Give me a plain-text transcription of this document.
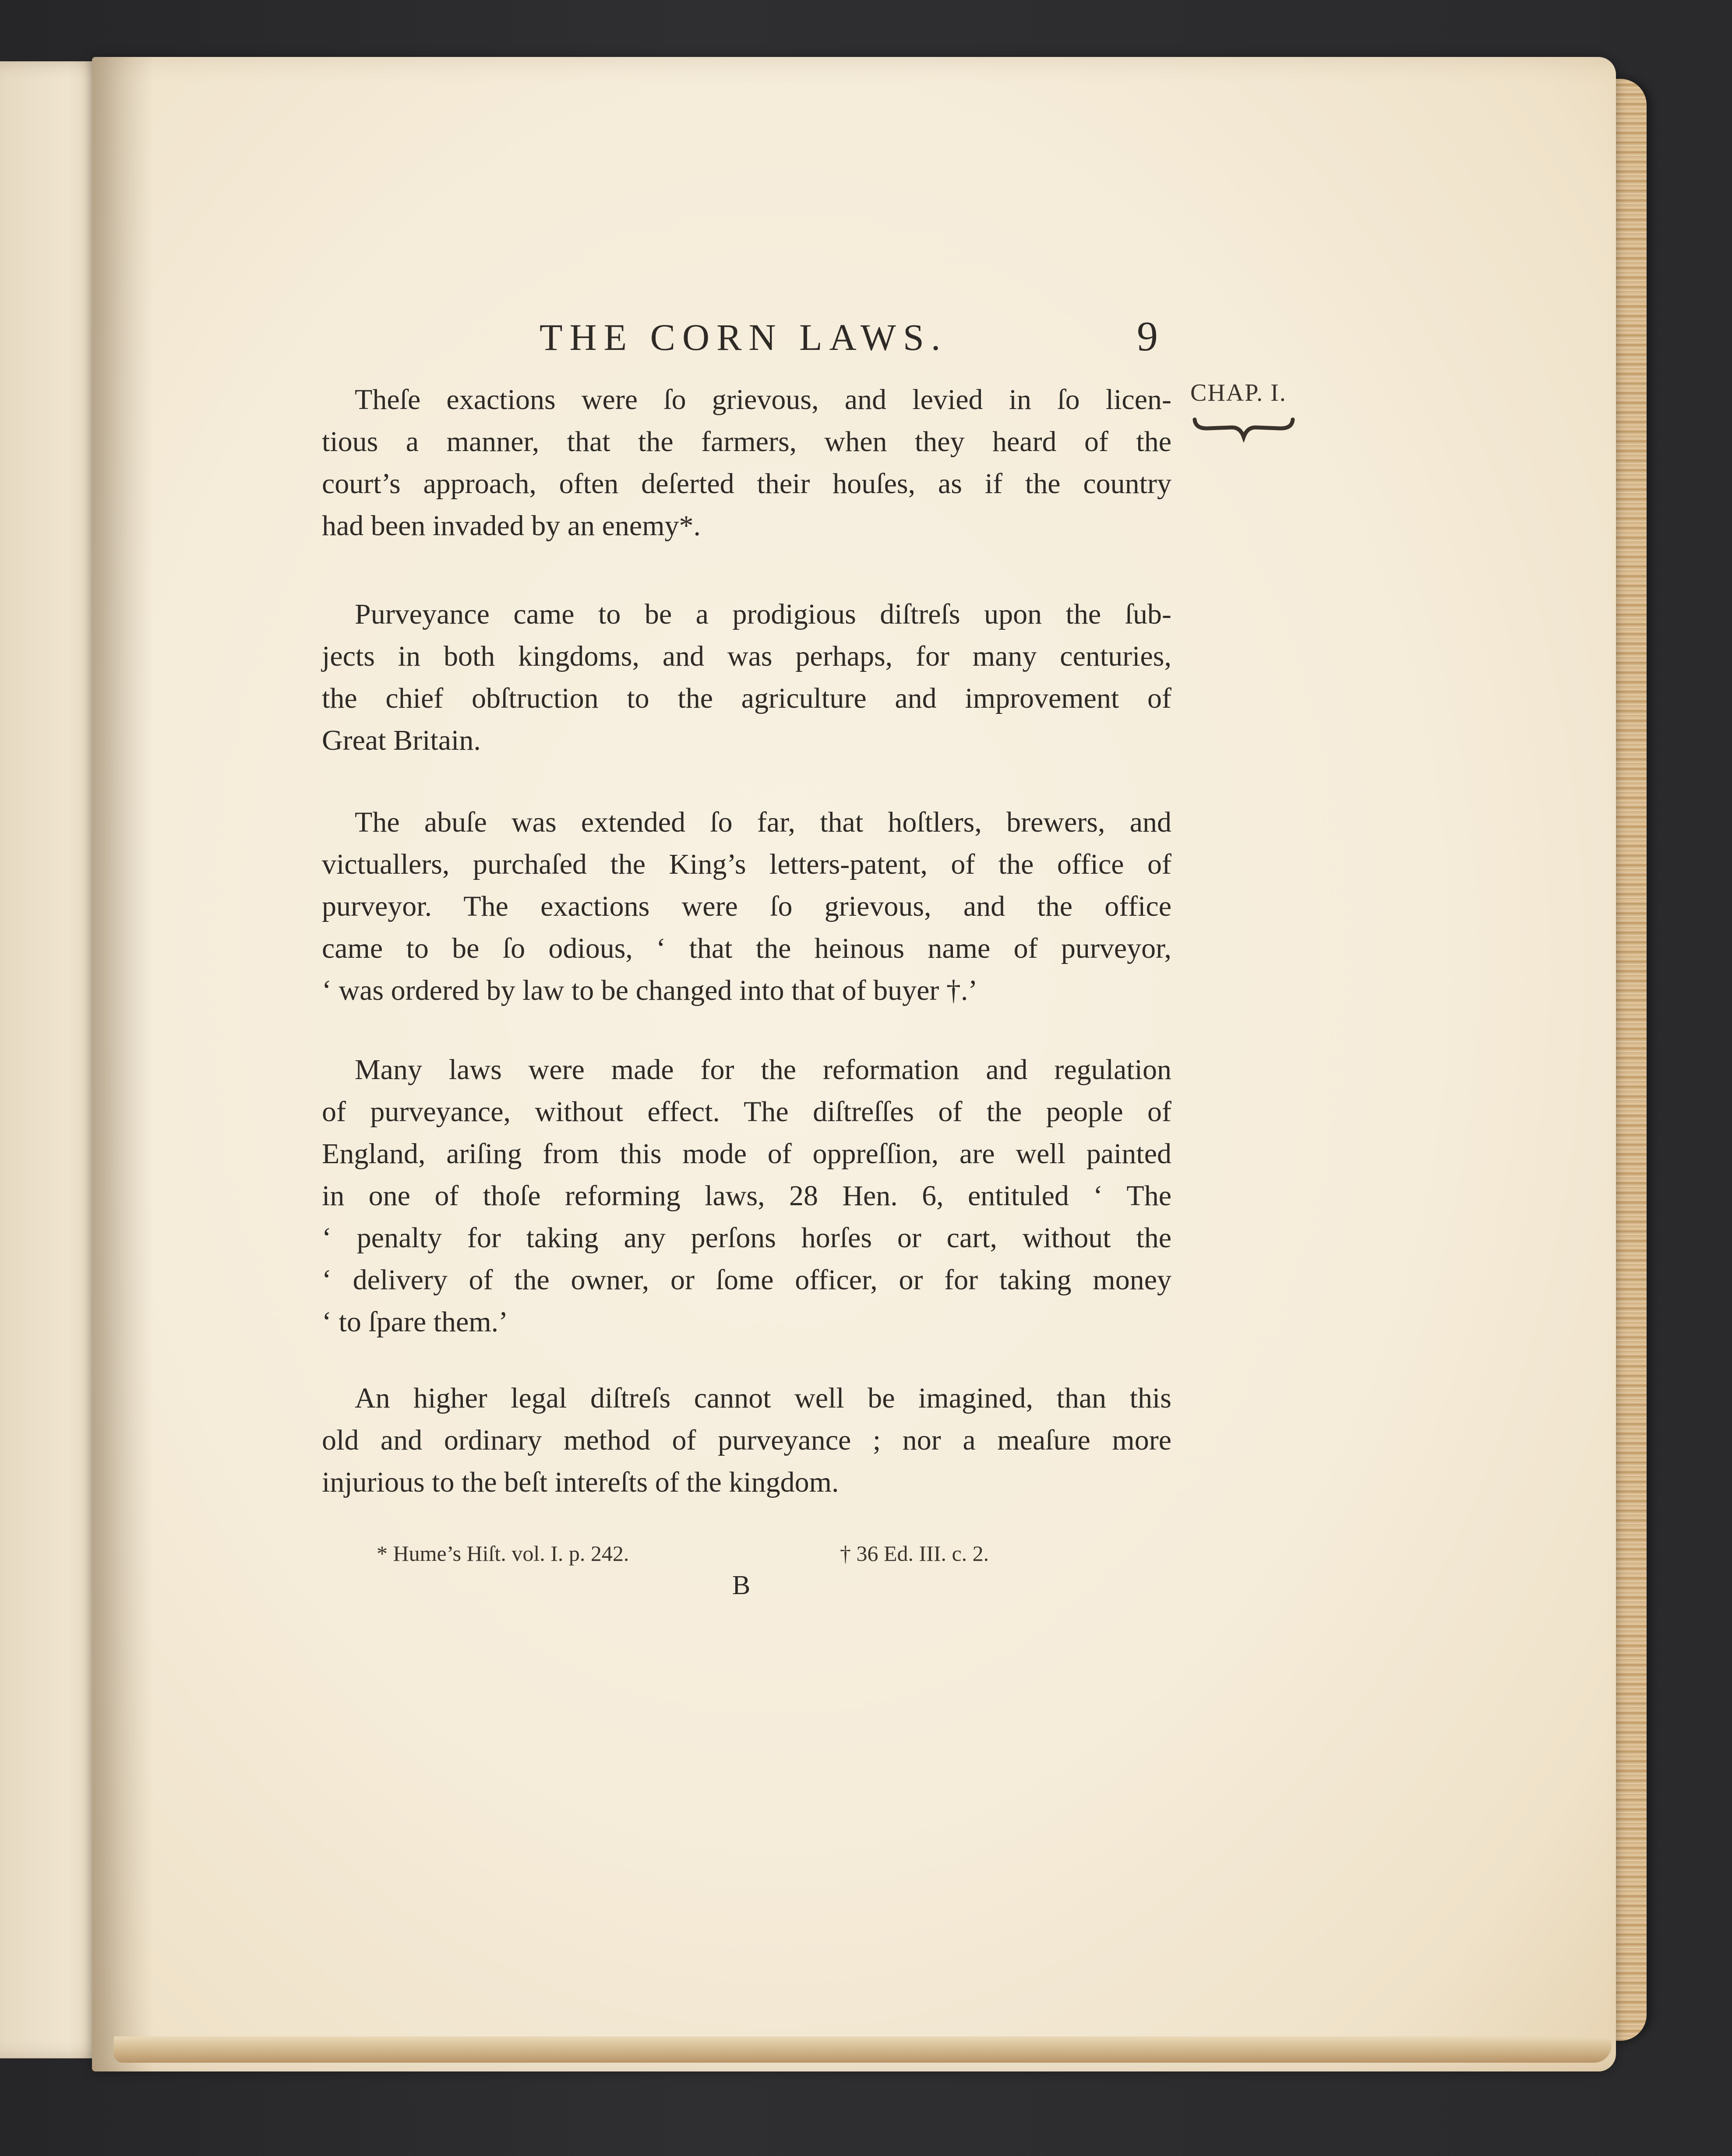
THE CORN LAWS.	9
CHAP. I.
Theſe exactions were ſo grievous, and levied in ſo licen-
tious a manner, that the farmers, when they heard of the
court’s approach, often deſerted their houſes, as if the country
had been invaded by an enemy*.
Purveyance came to be a prodigious diſtreſs upon the ſub-
jects in both kingdoms, and was perhaps, for many centuries,
the chief obſtruction to the agriculture and improvement of
Great Britain.
The abuſe was extended ſo far, that hoſtlers, brewers, and
victuallers, purchaſed the King’s letters-patent, of the office of
purveyor. The exactions were ſo grievous, and the office
came to be ſo odious, ‘ that the heinous name of purveyor,
‘ was ordered by law to be changed into that of buyer †.’
Many laws were made for the reformation and regulation
of purveyance, without effect. The diſtreſſes of the people of
England, ariſing from this mode of oppreſſion, are well painted
in one of thoſe reforming laws, 28 Hen. 6, entituled ‘ The
‘ penalty for taking any perſons horſes or cart, without the
‘ delivery of the owner, or ſome officer, or for taking money
‘ to ſpare them.’
An higher legal diſtreſs cannot well be imagined, than this
old and ordinary method of purveyance ; nor a meaſure more
injurious to the beſt intereſts of the kingdom.
* Hume’s Hiſt. vol. I. p. 242.	† 36 Ed. III. c. 2.
B
